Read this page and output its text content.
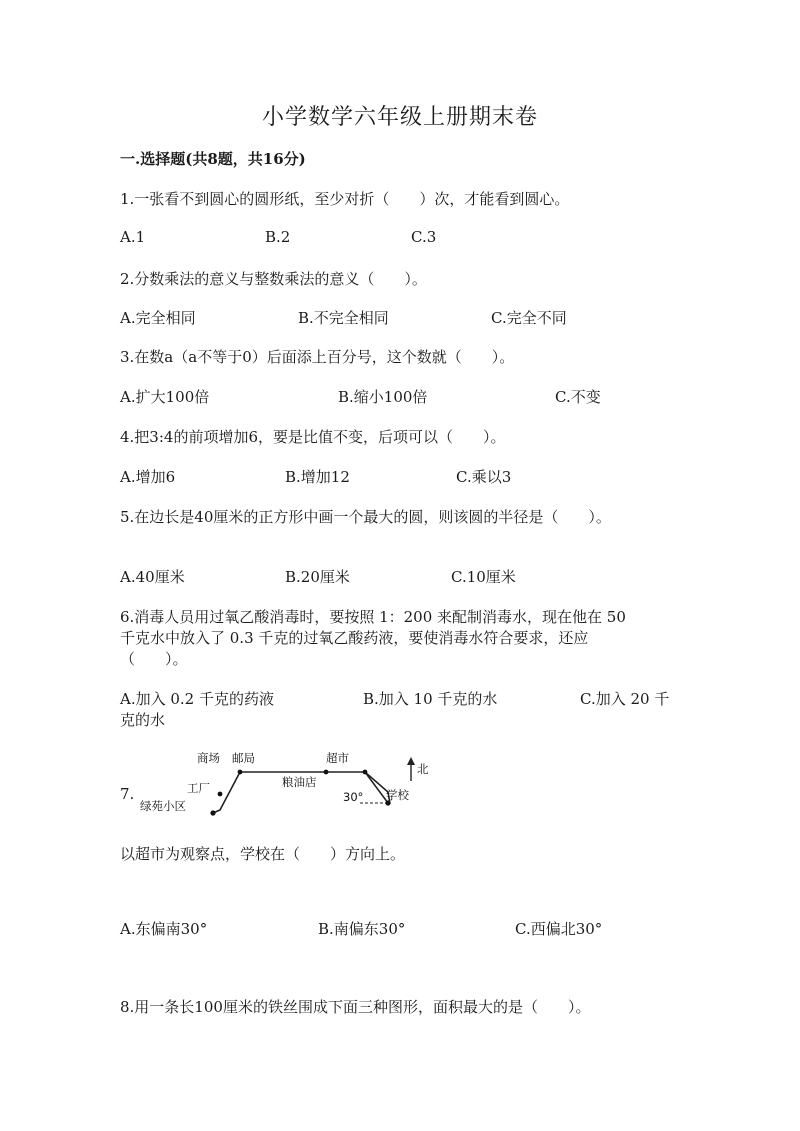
小学数学六年级上册期末卷
一.选择题(共8题，共16分)
1.一张看不到圆心的圆形纸，至少对折（　　）次，才能看到圆心。
A.1	B.2	C.3
2.分数乘法的意义与整数乘法的意义（　　）。
A.完全相同	B.不完全相同	C.完全不同
3.在数a（a不等于0）后面添上百分号，这个数就（　　）。
A.扩大100倍	B.缩小100倍	C.不变
4.把3:4的前项增加6，要是比值不变，后项可以（　　）。
A.增加6	B.增加12	C.乘以3
5.在边长是40厘米的正方形中画一个最大的圆，则该圆的半径是（　　）。
A.40厘米	B.20厘米	C.10厘米
6.消毒人员用过氧乙酸消毒时，要按照 1：200 来配制消毒水，现在他在 50
千克水中放入了 0.3 千克的过氧乙酸药液，要使消毒水符合要求，还应
（　　）。
A.加入 0.2 千克的药液	B.加入 10 千克的水	C.加入 20 千
克的水
7.
商场 邮局	超市
工厂	粮油店
北
30° 学校
绿苑小区
以超市为观察点，学校在（　　）方向上。
A.东偏南30°	B.南偏东30°	C.西偏北30°
8.用一条长100厘米的铁丝围成下面三种图形，面积最大的是（　　）。
